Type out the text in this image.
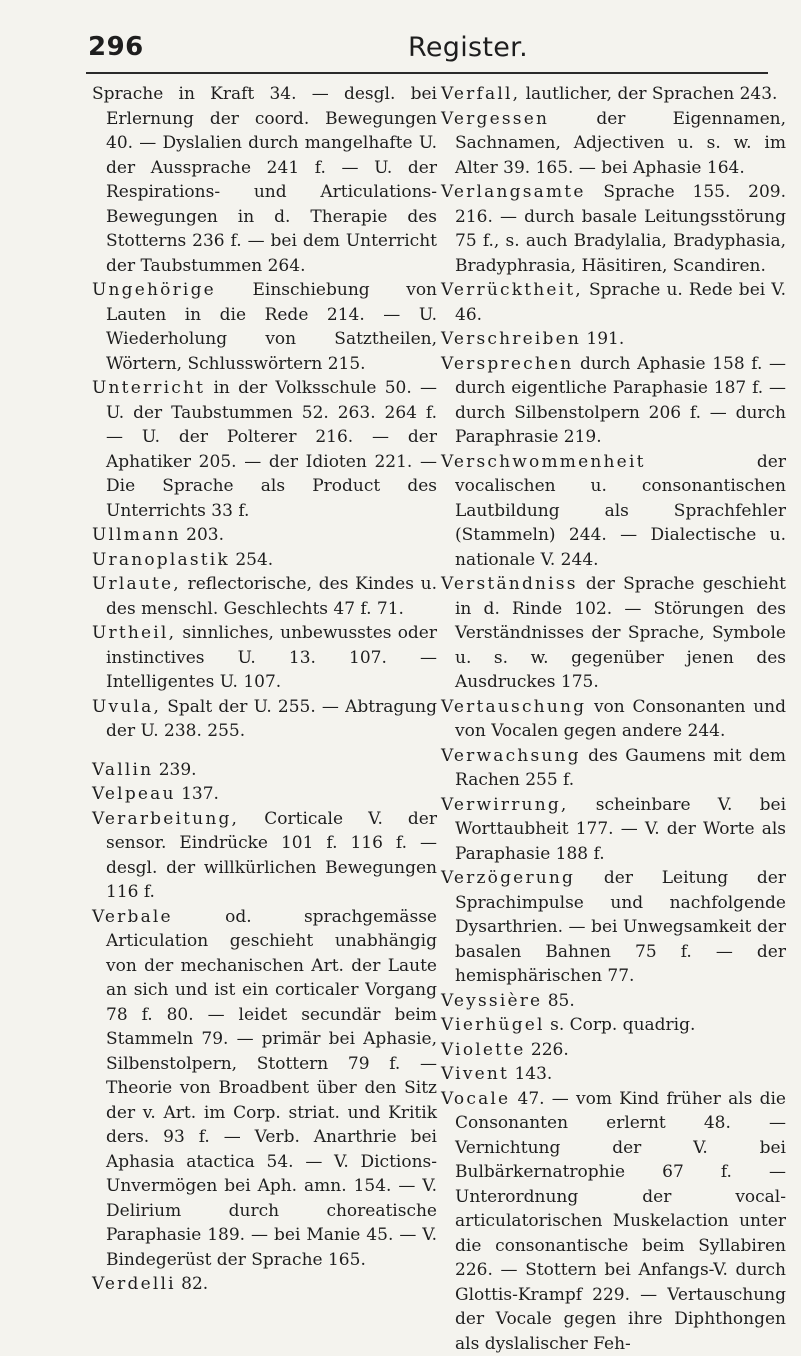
296	Register.

Sprache in Kraft 34. — desgl. bei Erlernung der coord. Bewegungen 40. — Dyslalien durch mangelhafte U. der Aussprache 241 f. — U. der Respirations- und Articulations-Bewegungen in d. Therapie des Stotterns 236 f. — bei dem Unterricht der Taubstummen 264.

Ungehörige Einschiebung von Lauten in die Rede 214. — U. Wiederholung von Satztheilen, Wörtern, Schlusswörtern 215.

Unterricht in der Volksschule 50. — U. der Taubstummen 52. 263. 264 f. — U. der Polterer 216. — der Aphatiker 205. — der Idioten 221. — Die Sprache als Product des Unterrichts 33 f.

Ullmann 203.

Uranoplastik 254.

Urlaute, reflectorische, des Kindes u. des menschl. Geschlechts 47 f. 71.

Urtheil, sinnliches, unbewusstes oder instinctives U. 13. 107. — Intelligentes U. 107.

Uvula, Spalt der U. 255. — Abtragung der U. 238. 255.

Vallin 239.

Velpeau 137.

Verarbeitung, Corticale V. der sensor. Eindrücke 101 f. 116 f. — desgl. der willkürlichen Bewegungen 116 f.

Verbale	od. sprachgemässe Articulation geschieht unabhängig von der mechanischen Art. der Laute an sich und ist ein corticaler Vorgang 78 f. 80. — leidet secundär beim Stammeln 79. — primär bei Aphasie, Silbenstolpern, Stottern 79 f. — Theorie von Broadbent über den Sitz der v. Art. im Corp. striat. und Kritik ders. 93 f. — Verb. Anarthrie bei Aphasia atactica 54. — V. Dictions-Unvermögen bei Aph. amn. 154. — V. Delirium durch choreatische Paraphasie 189. — bei Manie 45. — V. Bindegerüst der Sprache 165.

Verdelli 82.

Verfall, lautlicher, der Sprachen 243.

Vergessen	der Eigennamen, Sachnamen, Adjectiven u. s. w. im Alter 39. 165. — bei Aphasie 164.

Verlangsamte Sprache 155. 209. 216. — durch basale Leitungsstörung 75 f., s. auch Bradylalia, Bradyphasia, Bradyphrasia, Häsitiren, Scandiren.

Verrücktheit, Sprache u. Rede bei V. 46.

Verschreiben 191.

Versprechen durch Aphasie 158 f. — durch eigentliche Paraphasie 187 f. — durch Silbenstolpern 206 f. — durch Paraphrasie 219.

Verschwommenheit	der vocalischen u. consonantischen Lautbildung als Sprachfehler (Stammeln) 244. — Dialectische u. nationale V. 244.

Verständniss der Sprache geschieht in d. Rinde 102. — Störungen des Verständnisses der Sprache, Symbole u. s. w. gegenüber jenen des Ausdruckes 175.

Vertauschung von Consonanten und von Vocalen gegen andere 244.

Verwachsung des Gaumens mit dem Rachen 255 f.

Verwirrung, scheinbare V. bei Worttaubheit 177. — V. der Worte als Paraphasie 188 f.

Verzögerung der Leitung der Sprachimpulse und nachfolgende Dysarthrien. — bei Unwegsamkeit der basalen Bahnen 75 f. — der hemisphärischen 77.

Veyssière 85.

Vierhügel s. Corp. quadrig.

Violette 226.

Vivent 143.

Vocale 47. — vom Kind früher als die Consonanten erlernt 48. — Vernichtung der V. bei Bulbärkernatrophie 67 f. — Unterordnung der vocal-articulatorischen Muskelaction unter die consonantische beim Syllabiren 226. — Stottern bei Anfangs-V. durch Glottis-Krampf 229. — Vertauschung der Vocale gegen ihre Diphthongen als dyslalischer Feh-
